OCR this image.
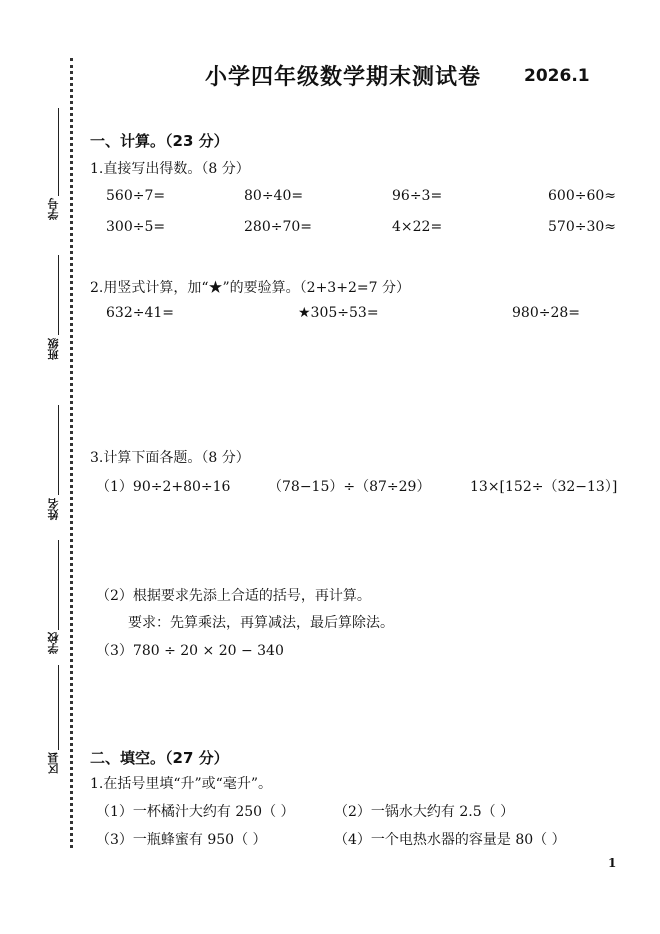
学号
班级
姓名
学校
区县
小学四年级数学期末测试卷	2026.1
一、计算。（23 分）
1.直接写出得数。（8 分）
560÷7=	80÷40=	96÷3=	600÷60≈
300÷5=	280÷70=	4×22=	570÷30≈
2.用竖式计算，加“★”的要验算。（2+3+2=7 分）
632÷41=	★305÷53=	980÷28=
3.计算下面各题。（8 分）
（1）90÷2+80÷16	（78−15）÷（87÷29）	13×[152÷（32−13）]
（2）根据要求先添上合适的括号，再计算。
要求：先算乘法，再算减法，最后算除法。
（3）780 ÷ 20 × 20 − 340
二、填空。（27 分）
1.在括号里填“升”或“毫升”。
（1）一杯橘汁大约有 250（ ）	（2）一锅水大约有 2.5（ ）
（3）一瓶蜂蜜有 950（ ）	（4）一个电热水器的容量是 80（ ）
1
